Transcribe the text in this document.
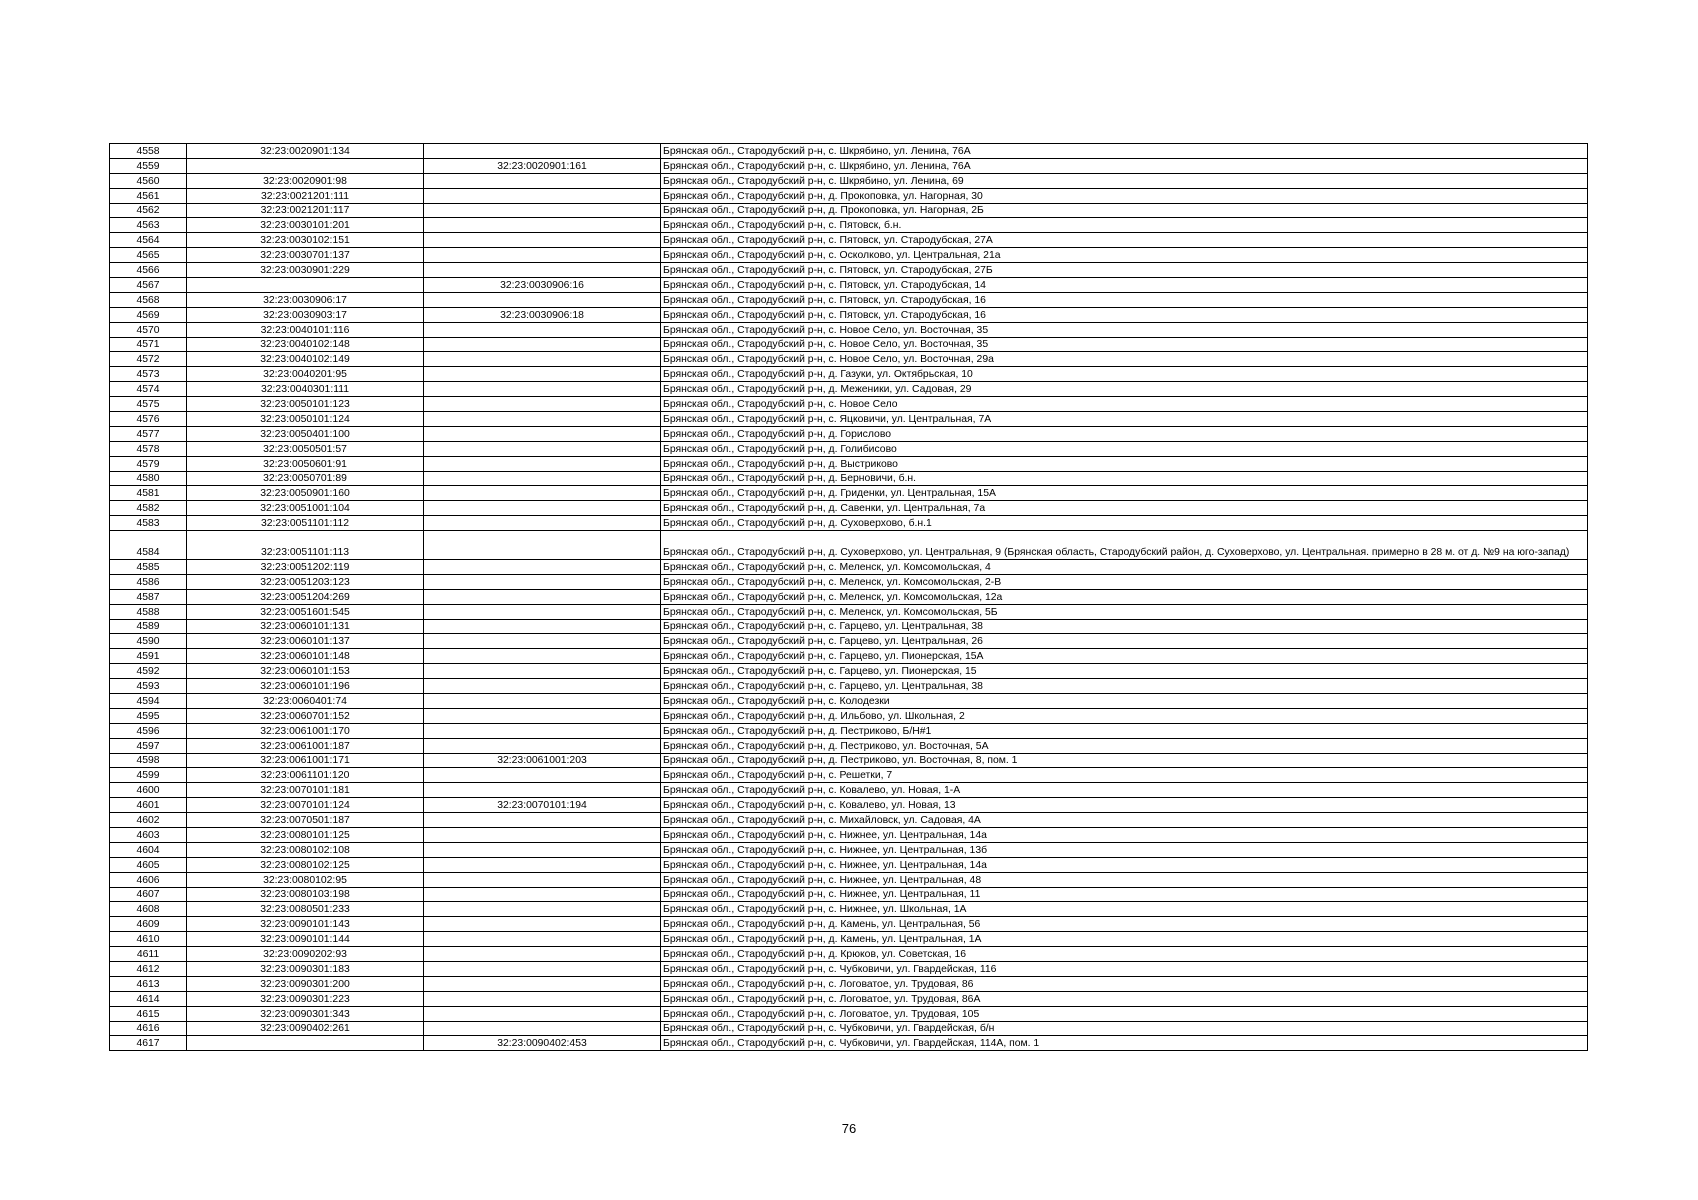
4558	32:23:0020901:134		Брянская обл., Стародубский р-н, с. Шкрябино, ул. Ленина, 76А
4559		32:23:0020901:161	Брянская обл., Стародубский р-н, с. Шкрябино, ул. Ленина, 76А
4560	32:23:0020901:98		Брянская обл., Стародубский р-н, с. Шкрябино, ул. Ленина, 69
4561	32:23:0021201:111		Брянская обл., Стародубский р-н, д. Прокоповка, ул. Нагорная, 30
4562	32:23:0021201:117		Брянская обл., Стародубский р-н, д. Прокоповка, ул. Нагорная, 2Б
4563	32:23:0030101:201		Брянская обл., Стародубский р-н, с. Пятовск, б.н.
4564	32:23:0030102:151		Брянская обл., Стародубский р-н, с. Пятовск, ул. Стародубская, 27А
4565	32:23:0030701:137		Брянская обл., Стародубский р-н, с. Осколково, ул. Центральная, 21а
4566	32:23:0030901:229		Брянская обл., Стародубский р-н, с. Пятовск, ул. Стародубская, 27Б
4567		32:23:0030906:16	Брянская обл., Стародубский р-н, с. Пятовск, ул. Стародубская, 14
4568	32:23:0030906:17		Брянская обл., Стародубский р-н, с. Пятовск, ул. Стародубская, 16
4569	32:23:0030903:17	32:23:0030906:18	Брянская обл., Стародубский р-н, с. Пятовск, ул. Стародубская, 16
4570	32:23:0040101:116		Брянская обл., Стародубский р-н, с. Новое Село, ул. Восточная, 35
4571	32:23:0040102:148		Брянская обл., Стародубский р-н, с. Новое Село, ул. Восточная, 35
4572	32:23:0040102:149		Брянская обл., Стародубский р-н, с. Новое Село, ул. Восточная, 29а
4573	32:23:0040201:95		Брянская обл., Стародубский р-н, д. Газуки, ул. Октябрьская, 10
4574	32:23:0040301:111		Брянская обл., Стародубский р-н, д. Меженики, ул. Садовая, 29
4575	32:23:0050101:123		Брянская обл., Стародубский р-н, с. Новое Село
4576	32:23:0050101:124		Брянская обл., Стародубский р-н, с. Яцковичи, ул. Центральная, 7А
4577	32:23:0050401:100		Брянская обл., Стародубский р-н, д. Горислово
4578	32:23:0050501:57		Брянская обл., Стародубский р-н, д. Голибисово
4579	32:23:0050601:91		Брянская обл., Стародубский р-н, д. Выстриково
4580	32:23:0050701:89		Брянская обл., Стародубский р-н, д. Берновичи, б.н.
4581	32:23:0050901:160		Брянская обл., Стародубский р-н, д. Гриденки, ул. Центральная, 15А
4582	32:23:0051001:104		Брянская обл., Стародубский р-н, д. Савенки, ул. Центральная, 7а
4583	32:23:0051101:112		Брянская обл., Стародубский р-н, д. Суховерхово, б.н.1
4584	32:23:0051101:113		Брянская обл., Стародубский р-н, д. Суховерхово, ул. Центральная, 9 (Брянская область, Стародубский район, д. Суховерхово, ул. Центральная. примерно в 28 м. от д. №9 на юго-запад)
4585	32:23:0051202:119		Брянская обл., Стародубский р-н, с. Меленск, ул. Комсомольская, 4
4586	32:23:0051203:123		Брянская обл., Стародубский р-н, с. Меленск, ул. Комсомольская, 2-В
4587	32:23:0051204:269		Брянская обл., Стародубский р-н, с. Меленск, ул. Комсомольская, 12а
4588	32:23:0051601:545		Брянская обл., Стародубский р-н, с. Меленск, ул. Комсомольская, 5Б
4589	32:23:0060101:131		Брянская обл., Стародубский р-н, с. Гарцево, ул. Центральная, 38
4590	32:23:0060101:137		Брянская обл., Стародубский р-н, с. Гарцево, ул. Центральная, 26
4591	32:23:0060101:148		Брянская обл., Стародубский р-н, с. Гарцево, ул. Пионерская, 15А
4592	32:23:0060101:153		Брянская обл., Стародубский р-н, с. Гарцево, ул. Пионерская, 15
4593	32:23:0060101:196		Брянская обл., Стародубский р-н, с. Гарцево, ул. Центральная, 38
4594	32:23:0060401:74		Брянская обл., Стародубский р-н, с. Колодезки
4595	32:23:0060701:152		Брянская обл., Стародубский р-н, д. Ильбово, ул. Школьная, 2
4596	32:23:0061001:170		Брянская обл., Стародубский р-н, д. Пестриково, Б/Н#1
4597	32:23:0061001:187		Брянская обл., Стародубский р-н, д. Пестриково, ул. Восточная, 5А
4598	32:23:0061001:171	32:23:0061001:203	Брянская обл., Стародубский р-н, д. Пестриково, ул. Восточная, 8, пом. 1
4599	32:23:0061101:120		Брянская обл., Стародубский р-н, с. Решетки, 7
4600	32:23:0070101:181		Брянская обл., Стародубский р-н, с. Ковалево, ул. Новая, 1-А
4601	32:23:0070101:124	32:23:0070101:194	Брянская обл., Стародубский р-н, с. Ковалево, ул. Новая, 13
4602	32:23:0070501:187		Брянская обл., Стародубский р-н, с. Михайловск, ул. Садовая, 4А
4603	32:23:0080101:125		Брянская обл., Стародубский р-н, с. Нижнее, ул. Центральная, 14а
4604	32:23:0080102:108		Брянская обл., Стародубский р-н, с. Нижнее, ул. Центральная, 13б
4605	32:23:0080102:125		Брянская обл., Стародубский р-н, с. Нижнее, ул. Центральная, 14а
4606	32:23:0080102:95		Брянская обл., Стародубский р-н, с. Нижнее, ул. Центральная, 48
4607	32:23:0080103:198		Брянская обл., Стародубский р-н, с. Нижнее, ул. Центральная, 11
4608	32:23:0080501:233		Брянская обл., Стародубский р-н, с. Нижнее, ул. Школьная, 1А
4609	32:23:0090101:143		Брянская обл., Стародубский р-н, д. Камень, ул. Центральная, 56
4610	32:23:0090101:144		Брянская обл., Стародубский р-н, д. Камень, ул. Центральная, 1А
4611	32:23:0090202:93		Брянская обл., Стародубский р-н, д. Крюков, ул. Советская, 16
4612	32:23:0090301:183		Брянская обл., Стародубский р-н, с. Чубковичи, ул. Гвардейская, 116
4613	32:23:0090301:200		Брянская обл., Стародубский р-н, с. Логоватое, ул. Трудовая, 86
4614	32:23:0090301:223		Брянская обл., Стародубский р-н, с. Логоватое, ул. Трудовая, 86А
4615	32:23:0090301:343		Брянская обл., Стародубский р-н, с. Логоватое, ул. Трудовая, 105
4616	32:23:0090402:261		Брянская обл., Стародубский р-н, с. Чубковичи, ул. Гвардейская, б/н
4617		32:23:0090402:453	Брянская обл., Стародубский р-н, с. Чубковичи, ул. Гвардейская, 114А, пом. 1
76
